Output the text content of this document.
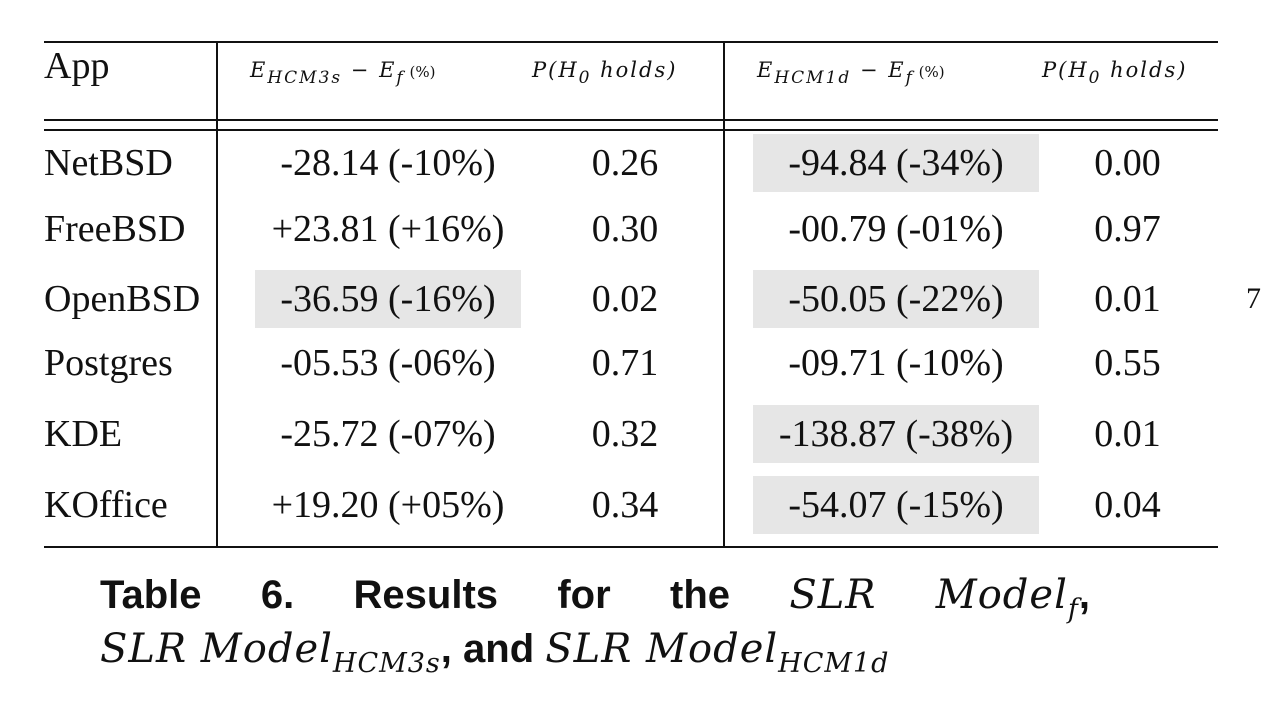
App	$E_{HCM3s} - E_f$ (%)	$P(H_0$ holds)	$E_{HCM1d} - E_f$ (%)	$P(H_0$ holds)
NetBSD	-28.14 (-10%)	0.26	-94.84 (-34%)	0.00
FreeBSD	+23.81 (+16%)	0.30	-00.79 (-01%)	0.97
OpenBSD	-36.59 (-16%)	0.02	-50.05 (-22%)	0.01
Postgres	-05.53 (-06%)	0.71	-09.71 (-10%)	0.55
KDE	-25.72 (-07%)	0.32	-138.87 (-38%)	0.01
KOffice	+19.20 (+05%)	0.34	-54.07 (-15%)	0.04
7
Table 6. Results for the SLR Model$_f$,
SLR Model$_{HCM3s}$ , and SLR Model$_{HCM1d}$
